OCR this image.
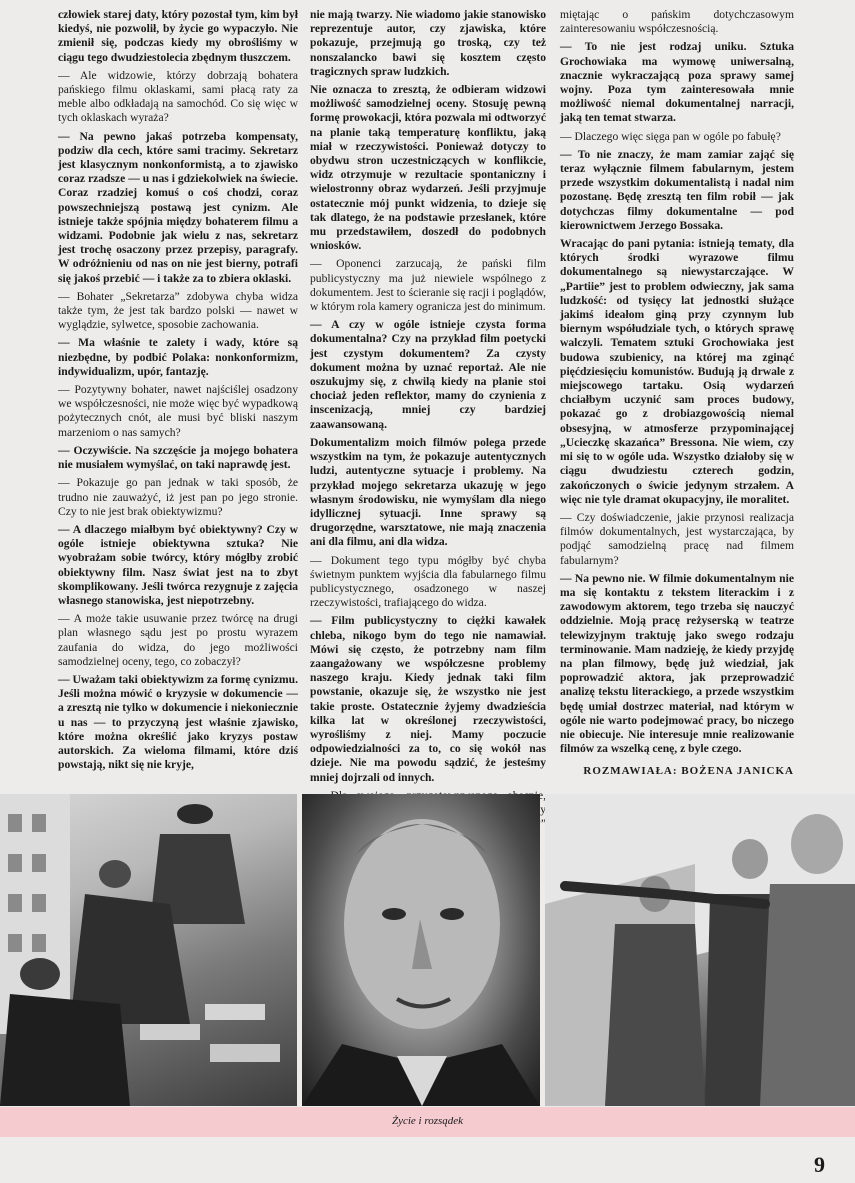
człowiek starej daty, który pozostał tym, kim był kiedyś, nie pozwolił, by życie go wypaczyło. Nie zmienił się, podczas kiedy my obrośliśmy w ciągu tego dwudziestolecia zbędnym tłuszczem.

— Ale widzowie, którzy dobrzają bohatera pańskiego filmu oklaskami, sami płacą raty za meble albo odkładają na samochód. Co się więc w tych oklaskach wyraża?

— Na pewno jakaś potrzeba kompensaty, podziw dla cech, które sami tracimy. Sekretarz jest klasycznym nonkonformistą, a to zjawisko coraz rzadsze — u nas i gdziekolwiek na świecie. Coraz rzadziej komuś o coś chodzi, coraz powszechniejszą postawą jest cynizm. Ale istnieje także spójnia między bohaterem filmu a widzami. Podobnie jak wielu z nas, sekretarz jest trochę osaczony przez przepisy, paragrafy. W odróżnieniu od nas on nie jest bierny, potrafi się jakoś przebić — i także za to zbiera oklaski.

— Bohater „Sekretarza” zdobywa chyba widza także tym, że jest tak bardzo polski — nawet w wyglądzie, sylwetce, sposobie zachowania.

— Ma właśnie te zalety i wady, które są niezbędne, by podbić Polaka: nonkonformizm, indywidualizm, upór, fantazję.

— Pozytywny bohater, nawet najściślej osadzony we współczesności, nie może więc być wypadkową pożytecznych cnót, ale musi być bliski naszym marzeniom o nas samych?

— Oczywiście. Na szczęście ja mojego bohatera nie musiałem wymyślać, on taki naprawdę jest.

— Pokazuje go pan jednak w taki sposób, że trudno nie zauważyć, iż jest pan po jego stronie. Czy to nie jest brak obiektywizmu?

— A dlaczego miałbym być obiektywny? Czy w ogóle istnieje obiektywna sztuka? Nie wyobrażam sobie twórcy, który mógłby zrobić obiektywny film. Nasz świat jest na to zbyt skomplikowany. Jeśli twórca rezygnuje z zajęcia własnego stanowiska, jest niepotrzebny.

— A może takie usuwanie przez twórcę na drugi plan własnego sądu jest po prostu wyrazem zaufania do widza, do jego możliwości samodzielnej oceny, tego, co zobaczył?

— Uważam taki obiektywizm za formę cynizmu. Jeśli można mówić o kryzysie w dokumencie — a zresztą nie tylko w dokumencie i niekoniecznie u nas — to przyczyną jest właśnie zjawisko, które można określić jako kryzys postaw autorskich. Za wieloma filmami, które dziś powstają, nikt się nie kryje,

nie mają twarzy. Nie wiadomo jakie stanowisko reprezentuje autor, czy zjawiska, które pokazuje, przejmują go troską, czy też nonszalancko bawi się kosztem często tragicznych spraw ludzkich.

Nie oznacza to zresztą, że odbieram widzowi możliwość samodzielnej oceny. Stosuję pewną formę prowokacji, która pozwala mi odtworzyć na planie taką temperaturę konfliktu, jaką miał w rzeczywistości. Ponieważ dotyczy to obydwu stron uczestniczących w konflikcie, widz otrzymuje w rezultacie spontaniczny i wielostronny obraz wydarzeń. Jeśli przyjmuje ostatecznie mój punkt widzenia, to dzieje się tak dlatego, że na podstawie przesłanek, które mu przedstawiłem, doszedł do podobnych wniosków.

— Oponenci zarzucają, że pański film publicystyczny ma już niewiele wspólnego z dokumentem. Jest to ścieranie się racji i poglądów, w którym rola kamery ogranicza jest do minimum.

— A czy w ogóle istnieje czysta forma dokumentalna? Czy na przykład film poetycki jest czystym dokumentem? Za czysty dokument można by uznać reportaż. Ale nie oszukujmy się, z chwilą kiedy na planie stoi chociaż jeden reflektor, mamy do czynienia z inscenizacją, mniej czy bardziej zaawansowaną.

Dokumentalizm moich filmów polega przede wszystkim na tym, że pokazuje autentycznych ludzi, autentyczne sytuacje i problemy. Na przykład mojego sekretarza ukazuję w jego własnym środowisku, nie wymyślam dla niego idyllicznej sytuacji. Inne sprawy są drugorzędne, warsztatowe, nie mają znaczenia ani dla filmu, ani dla widza.

— Dokument tego typu mógłby być chyba świetnym punktem wyjścia dla fabularnego filmu publicystycznego, osadzonego w naszej rzeczywistości, trafiającego do widza.

— Film publicystyczny to ciężki kawałek chleba, nikogo bym do tego nie namawiał. Mówi się często, że potrzebny nam film zaangażowany we współczesne problemy naszego kraju. Kiedy jednak taki film powstanie, okazuje się, że wszystko nie jest takie proste. Ostatecznie żyjemy dwadzieścia kilka lat w określonej rzeczywistości, wyrośliśmy z niej. Mamy poczucie odpowiedzialności za to, co się wokół nas dzieje. Nie ma powodu sądzić, że jesteśmy mniej dojrzali od innych.

miętając o pańskim dotychczasowym zainteresowaniu współczesnością.

— To nie jest rodzaj uniku. Sztuka Grochowiaka ma wymowę uniwersalną, znacznie wykraczającą poza sprawy samej wojny. Poza tym zainteresowała mnie możliwość niemal dokumentalnej narracji, jaką ten temat stwarza.

— Dlaczego więc sięga pan w ogóle po fabułę?

— To nie znaczy, że mam zamiar zająć się teraz wyłącznie filmem fabularnym, jestem przede wszystkim dokumentalistą i nadal nim pozostanę. Będę zresztą ten film robił — jak dotychczas filmy dokumentalne — pod kierownictwem Jerzego Bossaka.

Wracając do pani pytania: istnieją tematy, dla których środki wyrazowe filmu dokumentalnego są niewystarczające. W „Partiie” jest to problem odwieczny, jak sama ludzkość: od tysięcy lat jednostki służące jakimś ideałom giną przy czynnym lub biernym współudziale tych, o których sprawę walczyli. Tematem sztuki Grochowiaka jest budowa szubienicy, na której ma zginąć pięćdziesięciu komunistów. Budują ją drwale z miejscowego tartaku. Osią wydarzeń chciałbym uczynić sam proces budowy, pokazać go z drobiazgowością niemal obsesyjną, w atmosferze przypominającej „Ucieczkę skazańca” Bressona. Nie wiem, czy mi się to w ogóle uda. Wszystko działoby się w ciągu dwudziestu czterech godzin, zakończonych o świcie jedynym strzałem. A więc nie tyle dramat okupacyjny, ile moralitet.

— Czy doświadczenie, jakie przynosi realizacja filmów dokumentalnych, jest wystarczająca, by podjąć samodzielną pracę nad filmem fabularnym?

— Na pewno nie. W filmie dokumentalnym nie ma się kontaktu z tekstem literackim i z zawodowym aktorem, tego trzeba się nauczyć oddzielnie. Moją pracę reżyserską w teatrze telewizyjnym traktuję jako swego rodzaju terminowanie. Mam nadzieję, że kiedy przyjdę na plan filmowy, będę już wiedział, jak poprowadzić aktora, jak przeprowadzić analizę tekstu literackiego, a przede wszystkim będę umiał dostrzec materiał, nad którym w ogóle nie warto podejmować pracy, bo niczego nie obiecuje. Nie interesuje mnie realizowanie filmów za wszelką cenę, z byle czego.

ROZMAWIAŁA: BOŻENA JANICKA

Życie i rozsądek
9
